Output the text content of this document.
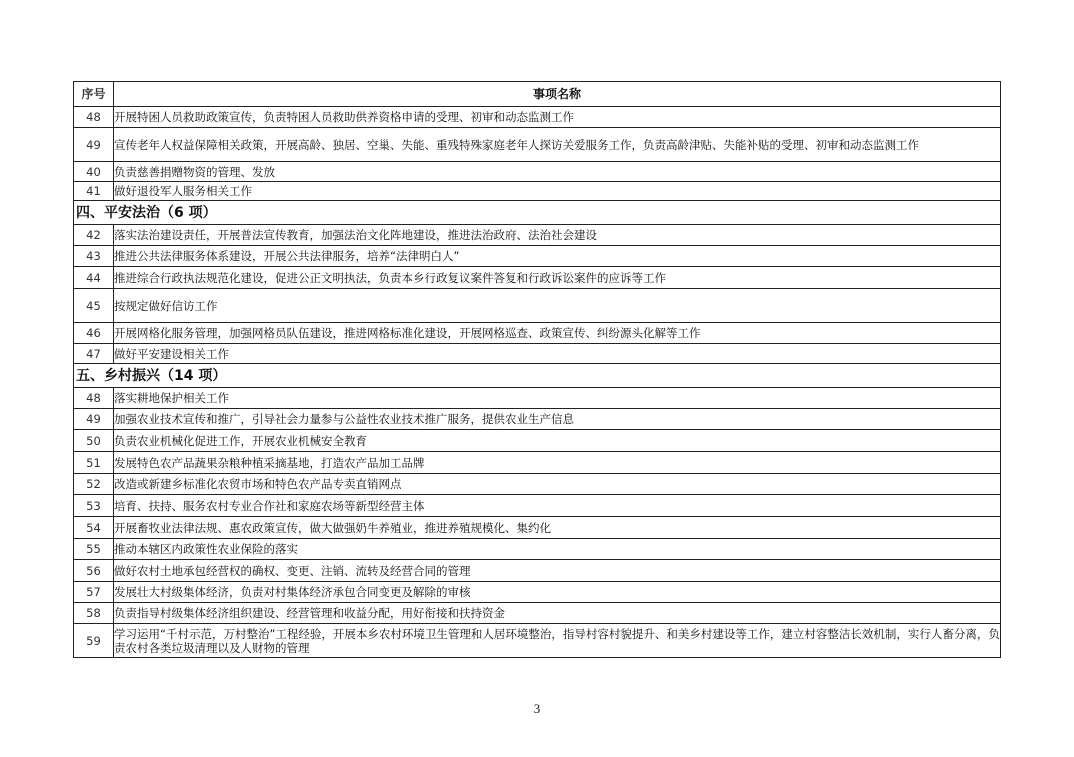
序号	事项名称
48	开展特困人员救助政策宣传，负责特困人员救助供养资格申请的受理、初审和动态监测工作
49	宣传老年人权益保障相关政策，开展高龄、独居、空巢、失能、重残特殊家庭老年人探访关爱服务工作，负责高龄津贴、失能补贴的受理、初审和动态监测工作
40	负责慈善捐赠物资的管理、发放
41	做好退役军人服务相关工作
四、平安法治（6 项）	
42	落实法治建设责任，开展普法宣传教育，加强法治文化阵地建设，推进法治政府、法治社会建设
43	推进公共法律服务体系建设，开展公共法律服务，培养“法律明白人”
44	推进综合行政执法规范化建设，促进公正文明执法，负责本乡行政复议案件答复和行政诉讼案件的应诉等工作
45	按规定做好信访工作
46	开展网格化服务管理，加强网格员队伍建设，推进网格标准化建设，开展网格巡查、政策宣传、纠纷源头化解等工作
47	做好平安建设相关工作
五、乡村振兴（14 项）	
48	落实耕地保护相关工作
49	加强农业技术宣传和推广，引导社会力量参与公益性农业技术推广服务，提供农业生产信息
50	负责农业机械化促进工作，开展农业机械安全教育
51	发展特色农产品蔬果杂粮种植采摘基地，打造农产品加工品牌
52	改造或新建乡标准化农贸市场和特色农产品专卖直销网点
53	培育、扶持、服务农村专业合作社和家庭农场等新型经营主体
54	开展畜牧业法律法规、惠农政策宣传，做大做强奶牛养殖业，推进养殖规模化、集约化
55	推动本辖区内政策性农业保险的落实
56	做好农村土地承包经营权的确权、变更、注销、流转及经营合同的管理
57	发展壮大村级集体经济，负责对村集体经济承包合同变更及解除的审核
58	负责指导村级集体经济组织建设、经营管理和收益分配，用好衔接和扶持资金
59	学习运用“千村示范，万村整治”工程经验，开展本乡农村环境卫生管理和人居环境整治，指导村容村貌提升、和美乡村建设等工作，建立村容整洁长效机制，实行人畜分离，负责农村各类垃圾清理以及人财物的管理
3
